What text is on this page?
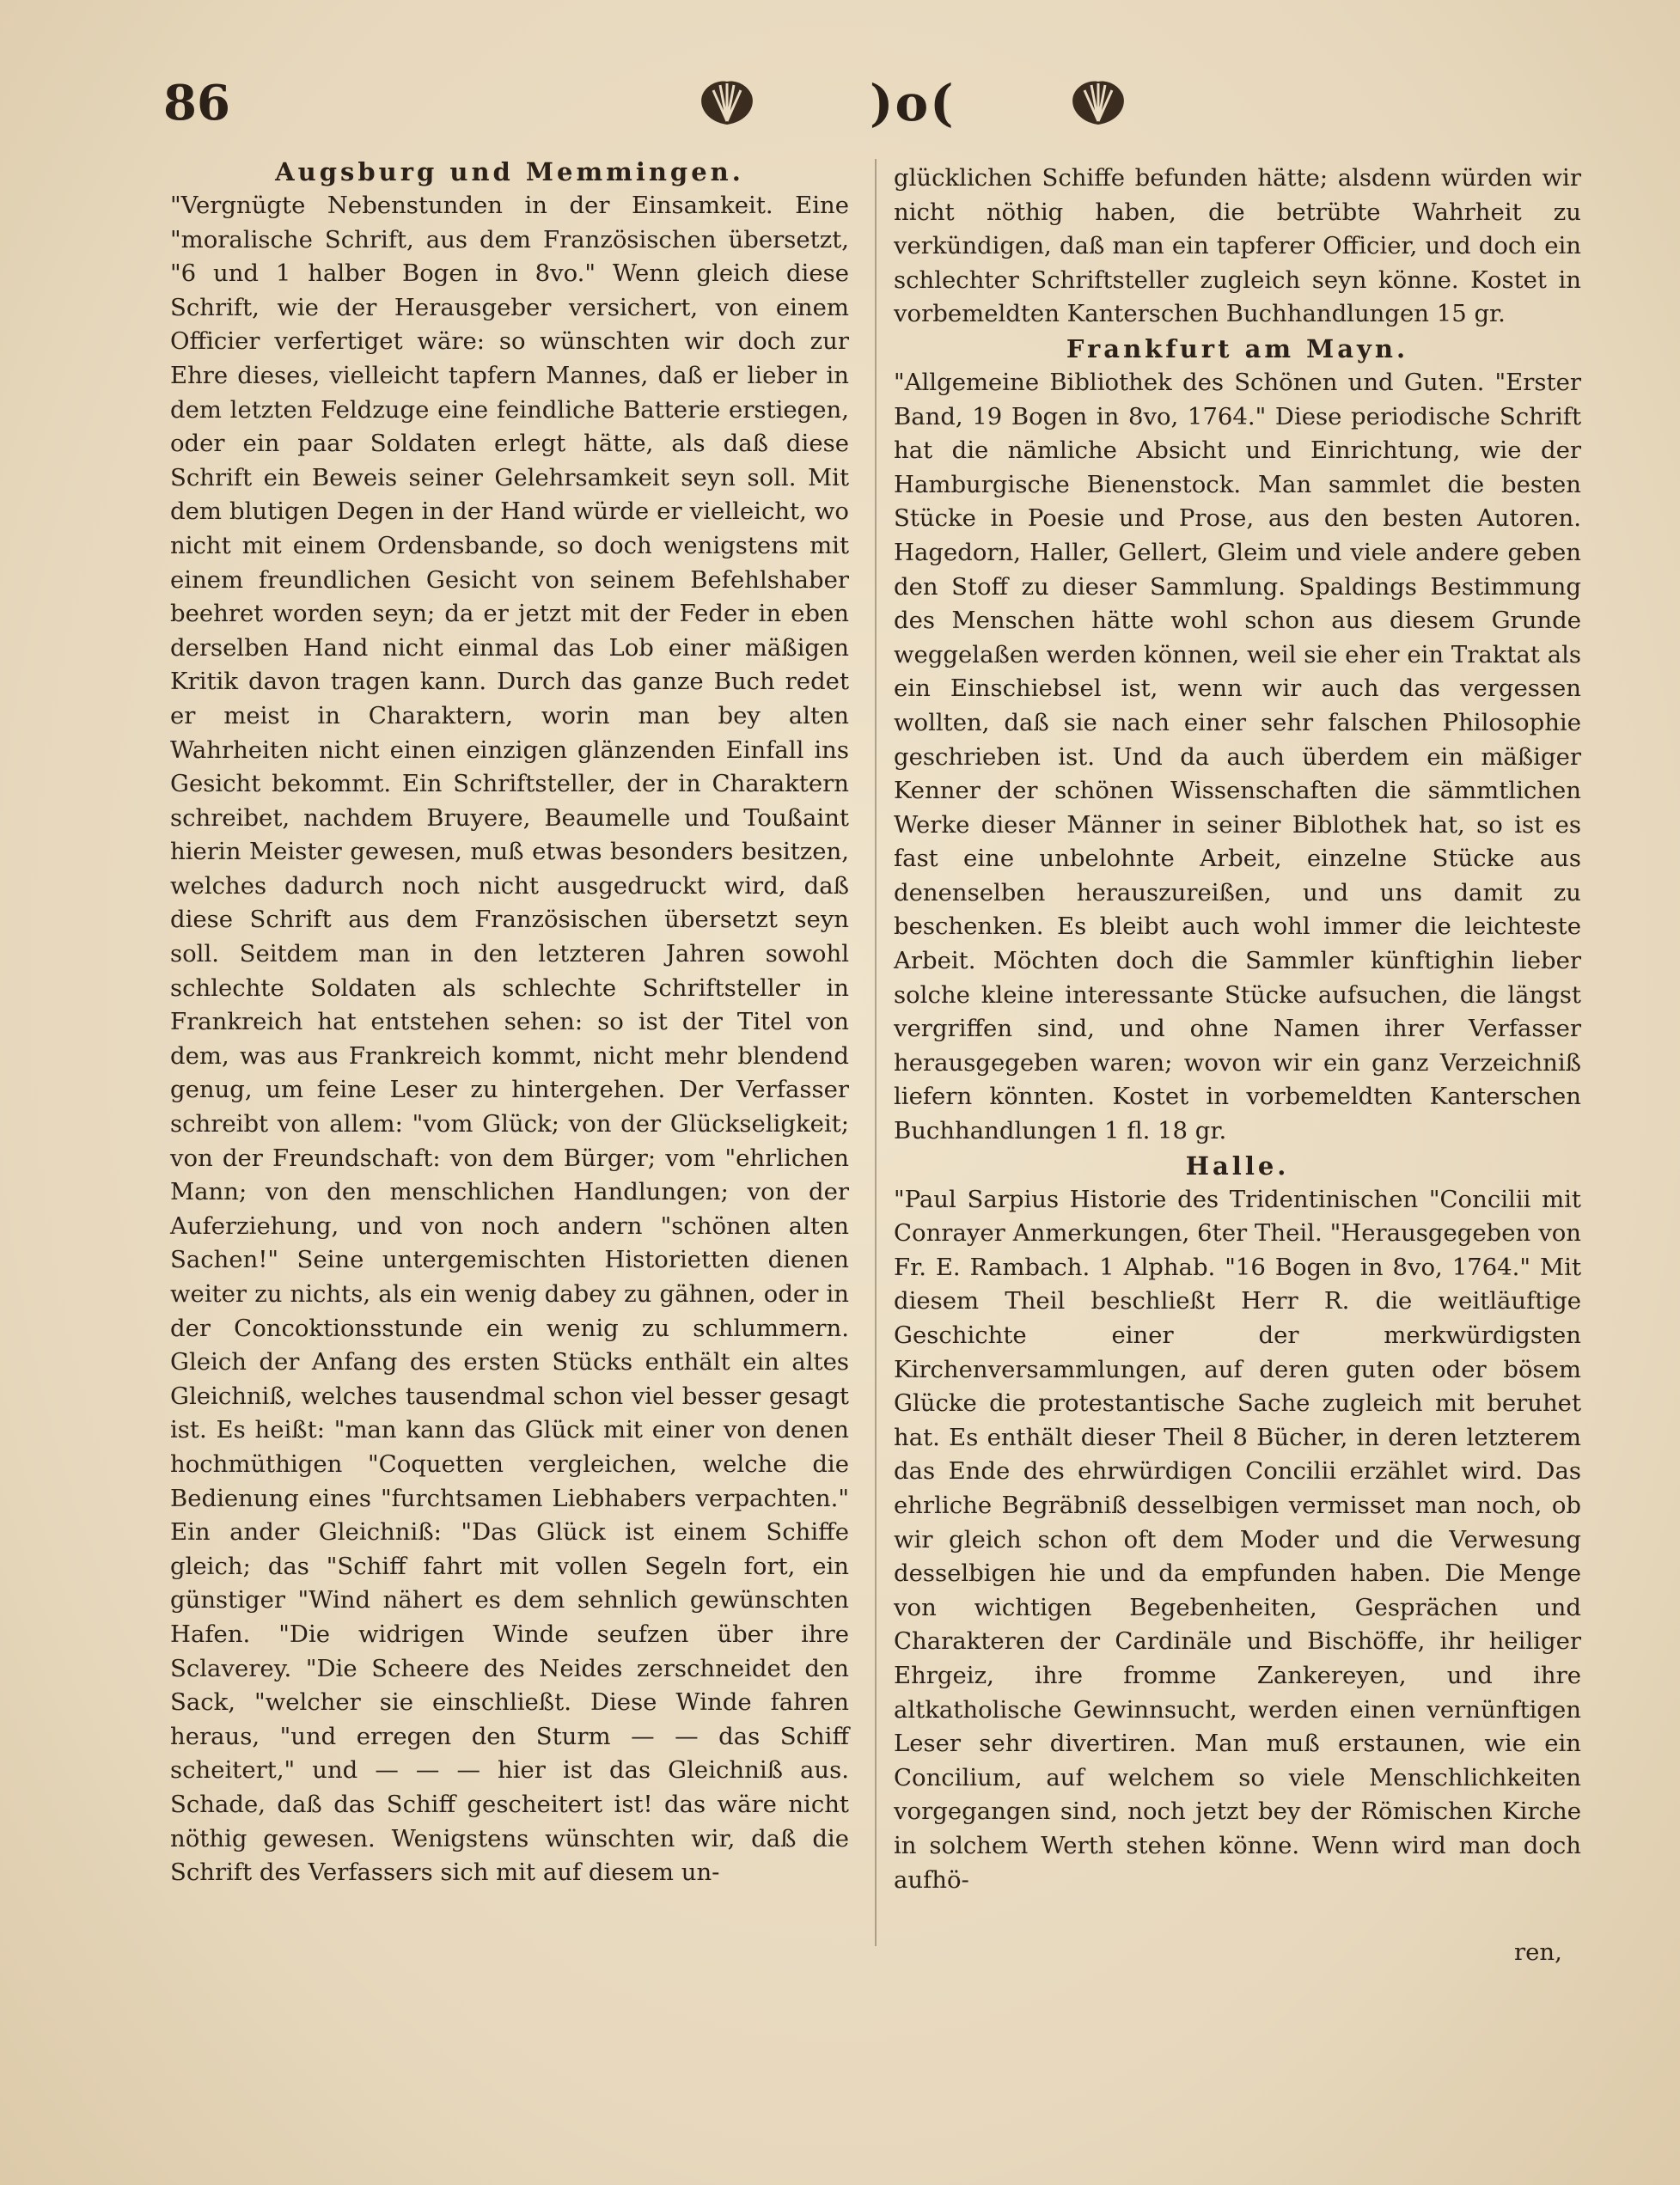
86	)o(
Augsburg und Memmingen.

"Vergnügte Nebenstunden in der Einsamkeit. Eine "moralische Schrift, aus dem Französischen übersetzt, "6 und 1 halber Bogen in 8vo." Wenn gleich diese Schrift, wie der Herausgeber versichert, von einem Officier verfertiget wäre: so wünschten wir doch zur Ehre dieses, vielleicht tapfern Mannes, daß er lieber in dem letzten Feldzuge eine feindliche Batterie erstiegen, oder ein paar Soldaten erlegt hätte, als daß diese Schrift ein Beweis seiner Gelehrsamkeit seyn soll. Mit dem blutigen Degen in der Hand würde er vielleicht, wo nicht mit einem Ordensbande, so doch wenigstens mit einem freundlichen Gesicht von seinem Befehlshaber beehret worden seyn; da er jetzt mit der Feder in eben derselben Hand nicht einmal das Lob einer mäßigen Kritik davon tragen kann. Durch das ganze Buch redet er meist in Charaktern, worin man bey alten Wahrheiten nicht einen einzigen glänzenden Einfall ins Gesicht bekommt. Ein Schriftsteller, der in Charaktern schreibet, nachdem Bruyere, Beaumelle und Toußaint hierin Meister gewesen, muß etwas besonders besitzen, welches dadurch noch nicht ausgedruckt wird, daß diese Schrift aus dem Französischen übersetzt seyn soll. Seitdem man in den letzteren Jahren sowohl schlechte Soldaten als schlechte Schriftsteller in Frankreich hat entstehen sehen: so ist der Titel von dem, was aus Frankreich kommt, nicht mehr blendend genug, um feine Leser zu hintergehen. Der Verfasser schreibt von allem: "vom Glück; von der Glückseligkeit; von der Freundschaft: von dem Bürger; vom "ehrlichen Mann; von den menschlichen Handlungen; von der Auferziehung, und von noch andern "schönen alten Sachen!" Seine untergemischten Historietten dienen weiter zu nichts, als ein wenig dabey zu gähnen, oder in der Concoktionsstunde ein wenig zu schlummern. Gleich der Anfang des ersten Stücks enthält ein altes Gleichniß, welches tausendmal schon viel besser gesagt ist. Es heißt: "man kann das Glück mit einer von denen hochmüthigen "Coquetten vergleichen, welche die Bedienung eines "furchtsamen Liebhabers verpachten." Ein ander Gleichniß: "Das Glück ist einem Schiffe gleich; das "Schiff fahrt mit vollen Segeln fort, ein günstiger "Wind nähert es dem sehnlich gewünschten Hafen. "Die widrigen Winde seufzen über ihre Sclaverey. "Die Scheere des Neides zerschneidet den Sack, "welcher sie einschließt. Diese Winde fahren heraus, "und erregen den Sturm — — das Schiff scheitert," und — — — hier ist das Gleichniß aus. Schade, daß das Schiff gescheitert ist! das wäre nicht nöthig gewesen. Wenigstens wünschten wir, daß die Schrift des Verfassers sich mit auf diesem un-

glücklichen Schiffe befunden hätte; alsdenn würden wir nicht nöthig haben, die betrübte Wahrheit zu verkündigen, daß man ein tapferer Officier, und doch ein schlechter Schriftsteller zugleich seyn könne. Kostet in vorbemeldten Kanterschen Buchhandlungen 15 gr.

Frankfurt am Mayn.

"Allgemeine Bibliothek des Schönen und Guten. "Erster Band, 19 Bogen in 8vo, 1764." Diese periodische Schrift hat die nämliche Absicht und Einrichtung, wie der Hamburgische Bienenstock. Man sammlet die besten Stücke in Poesie und Prose, aus den besten Autoren. Hagedorn, Haller, Gellert, Gleim und viele andere geben den Stoff zu dieser Sammlung. Spaldings Bestimmung des Menschen hätte wohl schon aus diesem Grunde weggelaßen werden können, weil sie eher ein Traktat als ein Einschiebsel ist, wenn wir auch das vergessen wollten, daß sie nach einer sehr falschen Philosophie geschrieben ist. Und da auch überdem ein mäßiger Kenner der schönen Wissenschaften die sämmtlichen Werke dieser Männer in seiner Biblothek hat, so ist es fast eine unbelohnte Arbeit, einzelne Stücke aus denenselben herauszureißen, und uns damit zu beschenken. Es bleibt auch wohl immer die leichteste Arbeit. Möchten doch die Sammler künftighin lieber solche kleine interessante Stücke aufsuchen, die längst vergriffen sind, und ohne Namen ihrer Verfasser herausgegeben waren; wovon wir ein ganz Verzeichniß liefern könnten. Kostet in vorbemeldten Kanterschen Buchhandlungen 1 fl. 18 gr.

Halle.

"Paul Sarpius Historie des Tridentinischen "Concilii mit Conrayer Anmerkungen, 6ter Theil. "Herausgegeben von Fr. E. Rambach. 1 Alphab. "16 Bogen in 8vo, 1764." Mit diesem Theil beschließt Herr R. die weitläuftige Geschichte einer der merkwürdigsten Kirchenversammlungen, auf deren guten oder bösem Glücke die protestantische Sache zugleich mit beruhet hat. Es enthält dieser Theil 8 Bücher, in deren letzterem das Ende des ehrwürdigen Concilii erzählet wird. Das ehrliche Begräbniß desselbigen vermisset man noch, ob wir gleich schon oft dem Moder und die Verwesung desselbigen hie und da empfunden haben. Die Menge von wichtigen Begebenheiten, Gesprächen und Charakteren der Cardinäle und Bischöffe, ihr heiliger Ehrgeiz, ihre fromme Zankereyen, und ihre altkatholische Gewinnsucht, werden einen vernünftigen Leser sehr divertiren. Man muß erstaunen, wie ein Concilium, auf welchem so viele Menschlichkeiten vorgegangen sind, noch jetzt bey der Römischen Kirche in solchem Werth stehen könne. Wenn wird man doch aufhö-

ren,
